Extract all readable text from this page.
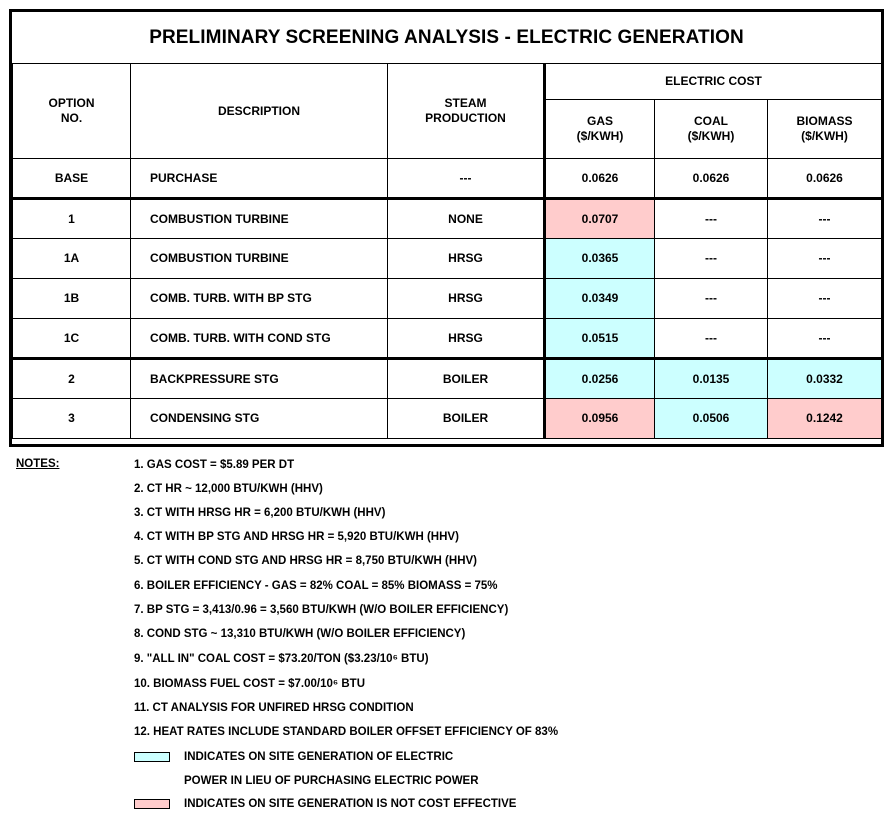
PRELIMINARY SCREENING ANALYSIS - ELECTRIC GENERATION
OPTION NO.	DESCRIPTION	STEAM PRODUCTION	ELECTRIC COST		
			GAS ($/KWH)	COAL ($/KWH)	BIOMASS ($/KWH)
BASE	PURCHASE	---	0.0626	0.0626	0.0626
1	COMBUSTION TURBINE	NONE	0.0707	---	---
1A	COMBUSTION TURBINE	HRSG	0.0365	---	---
1B	COMB. TURB. WITH BP STG	HRSG	0.0349	---	---
1C	COMB. TURB. WITH COND STG	HRSG	0.0515	---	---
2	BACKPRESSURE STG	BOILER	0.0256	0.0135	0.0332
3	CONDENSING STG	BOILER	0.0956	0.0506	0.1242
NOTES:	1. GAS COST = $5.89 PER DT
2. CT HR ~ 12,000 BTU/KWH (HHV)
3. CT WITH HRSG HR = 6,200 BTU/KWH (HHV)
4. CT WITH BP STG AND HRSG HR = 5,920 BTU/KWH (HHV)
5. CT WITH COND STG AND HRSG HR = 8,750 BTU/KWH (HHV)
6. BOILER EFFICIENCY - GAS = 82% COAL = 85% BIOMASS = 75%
7. BP STG = 3,413/0.96 = 3,560 BTU/KWH (W/O BOILER EFFICIENCY)
8. COND STG ~ 13,310 BTU/KWH (W/O BOILER EFFICIENCY)
9. "ALL IN" COAL COST = $73.20/TON ($3.23/10⁶ BTU)
10. BIOMASS FUEL COST = $7.00/10⁶ BTU
11. CT ANALYSIS FOR UNFIRED HRSG CONDITION
12. HEAT RATES INCLUDE STANDARD BOILER OFFSET EFFICIENCY OF 83%
INDICATES ON SITE GENERATION OF ELECTRIC
POWER IN LIEU OF PURCHASING ELECTRIC POWER
INDICATES ON SITE GENERATION IS NOT COST EFFECTIVE
